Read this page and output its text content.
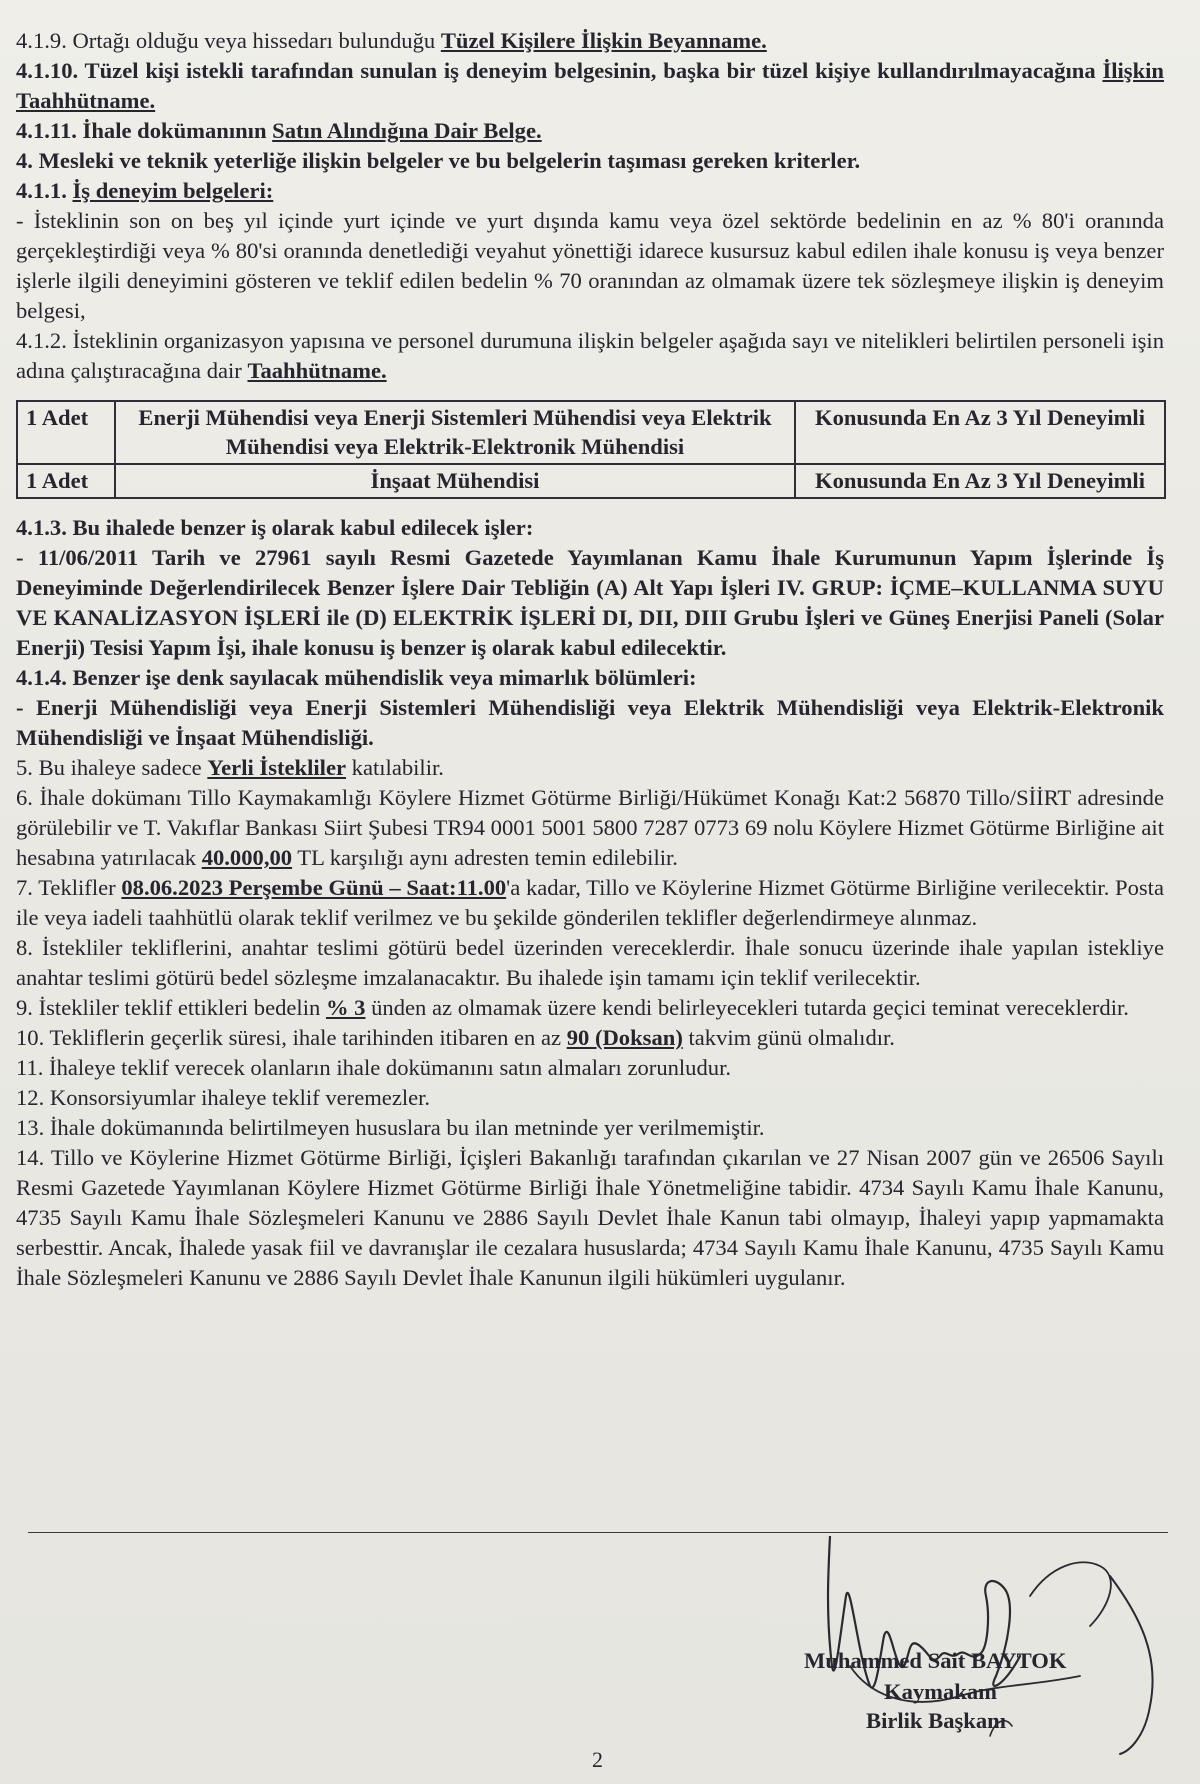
4.1.9. Ortağı olduğu veya hissedarı bulunduğu Tüzel Kişilere İlişkin Beyanname.

4.1.10. Tüzel kişi istekli tarafından sunulan iş deneyim belgesinin, başka bir tüzel kişiye kullandırılmayacağına İlişkin Taahhütname.

4.1.11. İhale dokümanının Satın Alındığına Dair Belge.

4. Mesleki ve teknik yeterliğe ilişkin belgeler ve bu belgelerin taşıması gereken kriterler.

4.1.1. İş deneyim belgeleri:

- İsteklinin son on beş yıl içinde yurt içinde ve yurt dışında kamu veya özel sektörde bedelinin en az % 80'i oranında gerçekleştirdiği veya % 80'si oranında denetlediği veyahut yönettiği idarece kusursuz kabul edilen ihale konusu iş veya benzer işlerle ilgili deneyimini gösteren ve teklif edilen bedelin % 70 oranından az olmamak üzere tek sözleşmeye ilişkin iş deneyim belgesi,

4.1.2. İsteklinin organizasyon yapısına ve personel durumuna ilişkin belgeler aşağıda sayı ve nitelikleri belirtilen personeli işin adına çalıştıracağına dair Taahhütname.

1 Adet	Enerji Mühendisi veya Enerji Sistemleri Mühendisi veya Elektrik Mühendisi veya Elektrik-Elektronik Mühendisi	Konusunda En Az 3 Yıl Deneyimli
1 Adet	İnşaat Mühendisi	Konusunda En Az 3 Yıl Deneyimli

4.1.3. Bu ihalede benzer iş olarak kabul edilecek işler:

- 11/06/2011 Tarih ve 27961 sayılı Resmi Gazetede Yayımlanan Kamu İhale Kurumunun Yapım İşlerinde İş Deneyiminde Değerlendirilecek Benzer İşlere Dair Tebliğin (A) Alt Yapı İşleri IV. GRUP: İÇME–KULLANMA SUYU VE KANALİZASYON İŞLERİ ile (D) ELEKTRİK İŞLERİ DI, DII, DIII Grubu İşleri ve Güneş Enerjisi Paneli (Solar Enerji) Tesisi Yapım İşi, ihale konusu iş benzer iş olarak kabul edilecektir.

4.1.4. Benzer işe denk sayılacak mühendislik veya mimarlık bölümleri:

- Enerji Mühendisliği veya Enerji Sistemleri Mühendisliği veya Elektrik Mühendisliği veya Elektrik-Elektronik Mühendisliği ve İnşaat Mühendisliği.

5. Bu ihaleye sadece Yerli İstekliler katılabilir.

6. İhale dokümanı Tillo Kaymakamlığı Köylere Hizmet Götürme Birliği/Hükümet Konağı Kat:2 56870 Tillo/SİİRT adresinde görülebilir ve T. Vakıflar Bankası Siirt Şubesi TR94 0001 5001 5800 7287 0773 69 nolu Köylere Hizmet Götürme Birliğine ait hesabına yatırılacak 40.000,00 TL karşılığı aynı adresten temin edilebilir.

7. Teklifler 08.06.2023 Perşembe Günü – Saat:11.00'a kadar, Tillo ve Köylerine Hizmet Götürme Birliğine verilecektir. Posta ile veya iadeli taahhütlü olarak teklif verilmez ve bu şekilde gönderilen teklifler değerlendirmeye alınmaz.

8. İstekliler tekliflerini, anahtar teslimi götürü bedel üzerinden vereceklerdir. İhale sonucu üzerinde ihale yapılan istekliye anahtar teslimi götürü bedel sözleşme imzalanacaktır. Bu ihalede işin tamamı için teklif verilecektir.

9. İstekliler teklif ettikleri bedelin % 3 ünden az olmamak üzere kendi belirleyecekleri tutarda geçici teminat vereceklerdir.

10. Tekliflerin geçerlik süresi, ihale tarihinden itibaren en az 90 (Doksan) takvim günü olmalıdır.

11. İhaleye teklif verecek olanların ihale dokümanını satın almaları zorunludur.

12. Konsorsiyumlar ihaleye teklif veremezler.

13. İhale dokümanında belirtilmeyen hususlara bu ilan metninde yer verilmemiştir.

14. Tillo ve Köylerine Hizmet Götürme Birliği, İçişleri Bakanlığı tarafından çıkarılan ve 27 Nisan 2007 gün ve 26506 Sayılı Resmi Gazetede Yayımlanan Köylere Hizmet Götürme Birliği İhale Yönetmeliğine tabidir. 4734 Sayılı Kamu İhale Kanunu, 4735 Sayılı Kamu İhale Sözleşmeleri Kanunu ve 2886 Sayılı Devlet İhale Kanun tabi olmayıp, İhaleyi yapıp yapmamakta serbesttir. Ancak, İhalede yasak fiil ve davranışlar ile cezalara hususlarda; 4734 Sayılı Kamu İhale Kanunu, 4735 Sayılı Kamu İhale Sözleşmeleri Kanunu ve 2886 Sayılı Devlet İhale Kanunun ilgili hükümleri uygulanır.

Muhammed Sait BAYTOK
Kaymakam
Birlik Başkanı
2
